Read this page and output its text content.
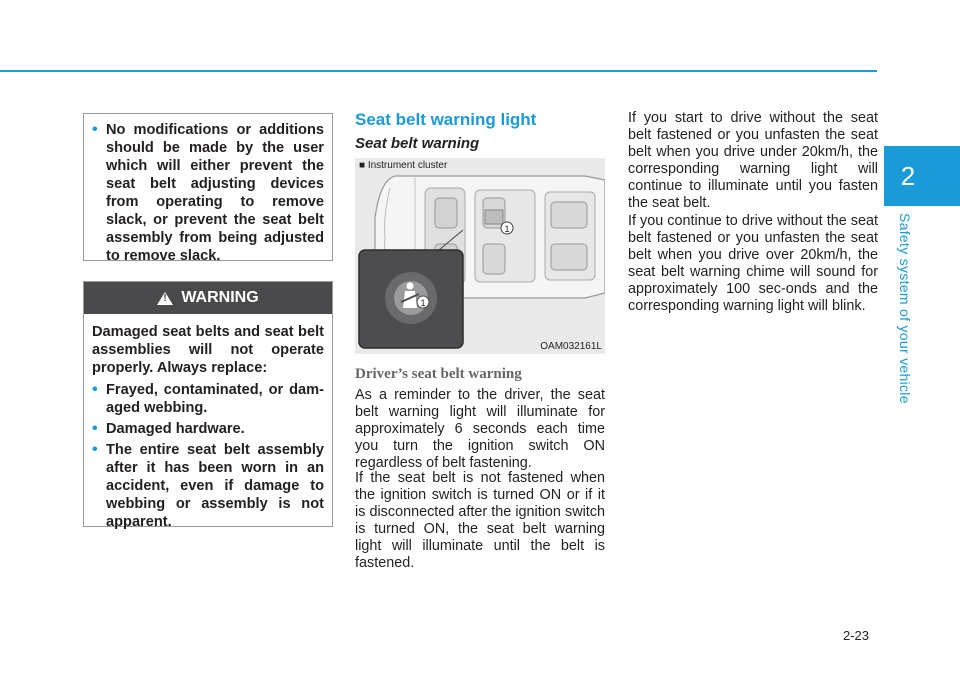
2
Safety system of your vehicle
• No modifications or additions should be made by the user which will either prevent the seat belt adjusting devices from operating to remove slack, or prevent the seat belt assembly from being adjusted to remove slack.
!
WARNING
Damaged seat belts and seat belt assemblies will not operate properly. Always replace:
• Frayed, contaminated, or dam-aged webbing.
• Damaged hardware.
• The entire seat belt assembly after it has been worn in an accident, even if damage to webbing or assembly is not apparent.
Seat belt warning light
Seat belt warning
1
1
■ Instrument cluster
OAM032161L
Driver’s seat belt warning

As a reminder to the driver, the seat belt warning light will illuminate for approximately 6 seconds each time you turn the ignition switch ON regardless of belt fastening.

If the seat belt is not fastened when the ignition switch is turned ON or if it is disconnected after the ignition switch is turned ON, the seat belt warning light will illuminate until the belt is fastened.

If you start to drive without the seat belt fastened or you unfasten the seat belt when you drive under 20km/h, the corresponding warning light will continue to illuminate until you fasten the seat belt.

If you continue to drive without the seat belt fastened or you unfasten the seat belt when you drive over 20km/h, the seat belt warning chime will sound for approximately 100 sec-onds and the corresponding warning light will blink.

2-23
